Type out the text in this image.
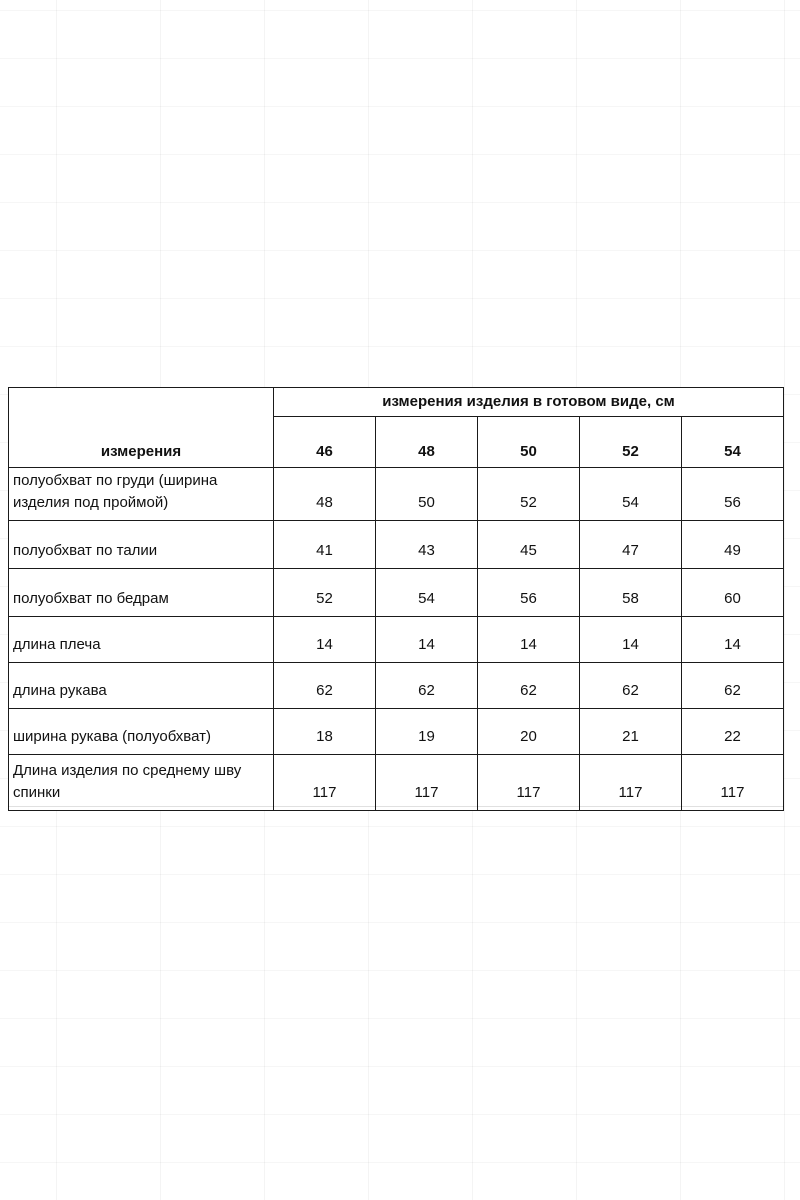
измерения	измерения изделия в готовом виде, см				
	46	48	50	52	54
полуобхват по груди (ширина изделия под проймой)	48	50	52	54	56
полуобхват по талии	41	43	45	47	49
полуобхват по бедрам	52	54	56	58	60
длина плеча	14	14	14	14	14
длина рукава	62	62	62	62	62
ширина рукава (полуобхват)	18	19	20	21	22
Длина изделия по среднему шву спинки	117	117	117	117	117
